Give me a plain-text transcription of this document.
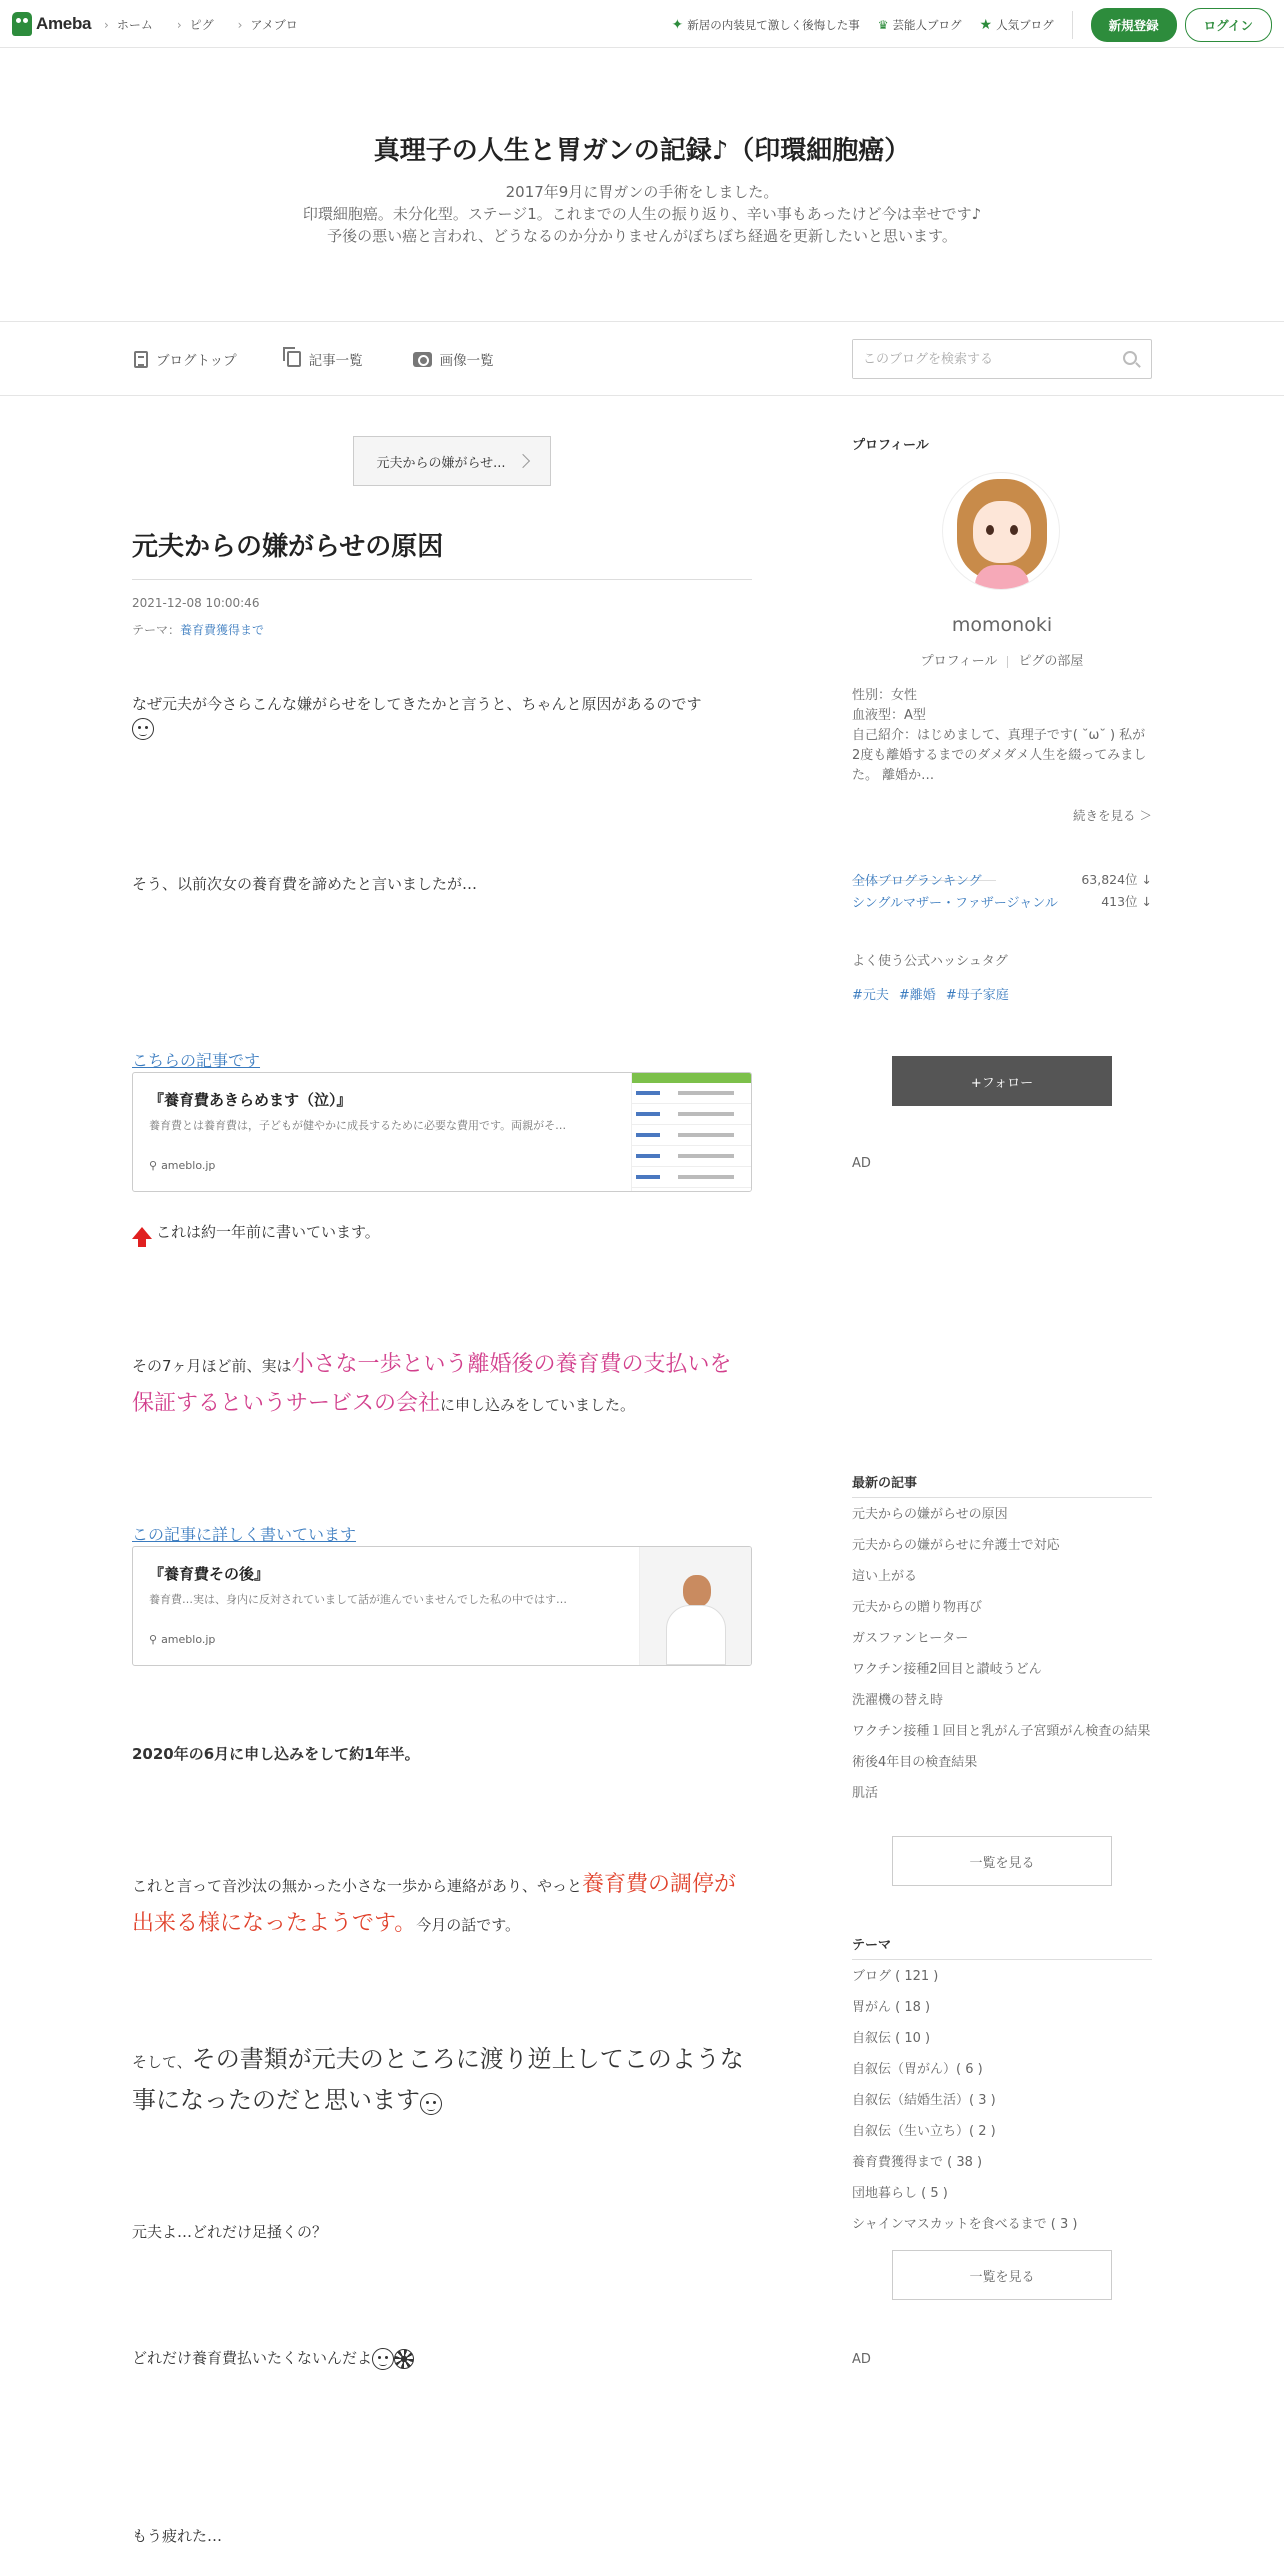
Ameba	› ホーム	› ピグ	› アメブロ	✦ 新居の内装見て激しく後悔した事 ♛ 芸能人ブログ ★ 人気ブログ	新規登録	ログイン
真理子の人生と胃ガンの記録♪（印環細胞癌）
2017年9月に胃ガンの手術をしました。
印環細胞癌。未分化型。ステージ1。これまでの人生の振り返り、辛い事もあったけど今は幸せです♪
予後の悪い癌と言われ、どうなるのか分かりませんがぼちぼち経過を更新したいと思います。
ブログトップ	記事一覧	画像一覧
このブログを検索する
元夫からの嫌がらせ...
元夫からの嫌がらせの原因
2021-12-08 10:00:46
テーマ：養育費獲得まで
なぜ元夫が今さらこんな嫌がらせをしてきたかと言うと、ちゃんと原因があるのです

そう、以前次女の養育費を諦めたと言いましたが…
こちらの記事です
『養育費あきらめます（泣）』
養育費とは養育費は，子どもが健やかに成長するために必要な費用です。両親がそ…
⚲ ameblo.jp
これは約一年前に書いています。
その7ヶ月ほど前、実は小さな一歩という離婚後の養育費の支払いを保証するというサービスの会社に申し込みをしていました。
この記事に詳しく書いています
『養育費その後』
養育費…実は、身内に反対されていまして話が進んでいませんでした私の中ではす…
⚲ ameblo.jp
2020年の6月に申し込みをして約1年半。
これと言って音沙汰の無かった小さな一歩から連絡があり、やっと養育費の調停が出来る様になったようです。今月の話です。
そして、その書類が元夫のところに渡り逆上してこのような事になったのだと思います
元夫よ…どれだけ足掻くの？
どれだけ養育費払いたくないんだよ
もう疲れた…
プロフィール
momonoki
プロフィール ピグの部屋
性別：女性
血液型：A型
自己紹介：はじめまして、真理子です( ˘ω˘ ) 私が2度も離婚するまでのダメダメ人生を綴ってみました。 離婚か…
続きを見る ＞
全体ブログランキング	63,824位 ↓
シングルマザー・ファザージャンル	413位 ↓
よく使う公式ハッシュタグ
#元夫 #離婚 #母子家庭
+フォロー
AD
最新の記事
元夫からの嫌がらせの原因
元夫からの嫌がらせに弁護士で対応
這い上がる
元夫からの贈り物再び
ガスファンヒーター
ワクチン接種2回目と讃岐うどん
洗濯機の替え時
ワクチン接種１回目と乳がん子宮頸がん検査の結果
術後4年目の検査結果
肌活
一覧を見る
テーマ
ブログ ( 121 )
胃がん ( 18 )
自叙伝 ( 10 )
自叙伝（胃がん）( 6 )
自叙伝（結婚生活）( 3 )
自叙伝（生い立ち）( 2 )
養育費獲得まで ( 38 )
団地暮らし ( 5 )
シャインマスカットを食べるまで ( 3 )
一覧を見る
AD
